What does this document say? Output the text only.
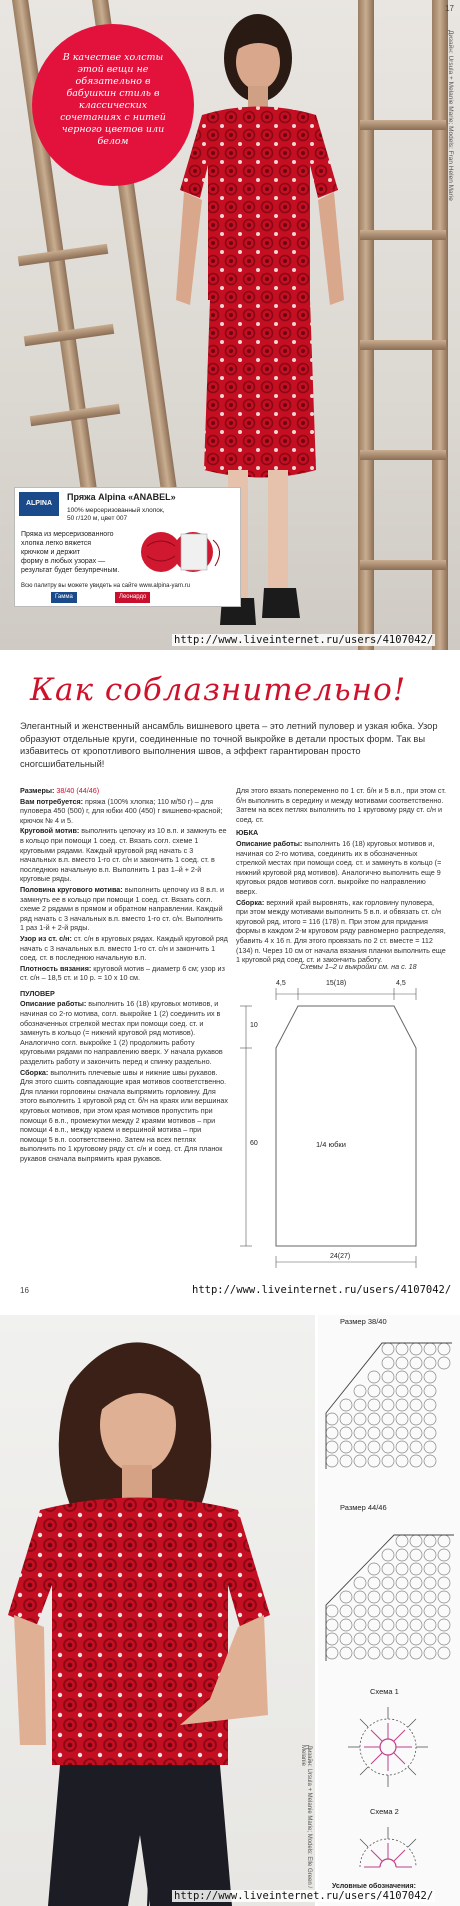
В качестве холсты этой вещи не обязательно в бабушкин стиль в классических сочетаниях с нитей черного цветов или белом	Дизайн: Ursula + Melanie Marie; Models: Fran Helen Marie
17
ALPINA
Пряжа Alpina «ANABEL»
100% мерсеризованный хлопок,
50 г/120 м, цвет 007
Пряжа из мерсеризованного
хлопка легко вяжется
крючком и держит
форму в любых узорах —
результат будет безупречным.
Всю палитру вы можете увидеть на сайте www.alpina-yarn.ru
Гамма	Леонардо
http://www.liveinternet.ru/users/4107042/
Как соблазнительно!
Элегантный и женственный ансамбль вишневого цвета – это летний пуловер и узкая юбка. Узор образуют отдельные круги, соединенные по точной выкройке в детали простых форм. Так вы избавитесь от кропотливого выполнения швов, а эффект гарантирован просто сногсшибательный!

Размеры: 38/40 (44/46)

Вам потребуется: пряжа (100% хлопка; 110 м/50 г) – для пуловера 450 (500) г, для юбки 400 (450) г вишнево-красной; крючок № 4 и 5.

Круговой мотив: выполнить цепочку из 10 в.п. и замкнуть ее в кольцо при помощи 1 соед. ст. Вязать согл. схеме 1 круговыми рядами. Каждый круговой ряд начать с 3 начальных в.п. вместо 1-го ст. с/н и закончить 1 соед. ст. в последнюю начальную в.п. Выполнить 1 раз 1–й + 2-й круговые ряды.

Половина кругового мотива: выполнить цепочку из 8 в.п. и замкнуть ее в кольцо при помощи 1 соед. ст. Вязать согл. схеме 2 рядами в прямом и обратном направлении. Каждый ряд начать с 3 начальных в.п. вместо 1-го ст. с/н. Выполнить 1 раз 1-й + 2-й ряды.

Узор из ст. с/н: ст. с/н в круговых рядах. Каждый круговой ряд начать с 3 начальных в.п. вместо 1-го ст. с/н и закончить 1 соед. ст. в последнюю начальную в.п.

Плотность вязания: круговой мотив – диаметр 6 см; узор из ст. с/н – 18,5 ст. и 10 р. = 10 х 10 см.

ПУЛОВЕР

Описание работы: выполнить 16 (18) круговых мотивов, и начиная со 2-го мотива, согл. выкройке 1 (2) соединить их в обозначенных стрелкой местах при помощи соед. ст. и замкнуть в кольцо (= нижний круговой ряд мотивов). Аналогично согл. выкройке 1 (2) продолжить работу круговыми рядами по направлению вверх. У начала рукавов разделить работу и закончить перед и спинку раздельно.

Сборка: выполнить плечевые швы и нижние швы рукавов. Для этого сшить совпадающие края мотивов соответственно. Для планки горловины сначала выпрямить горловину. Для этого выполнить 1 круговой ряд ст. б/н на краях или вершинах круговых мотивов, при этом края мотивов пропустить при помощи 6 в.п., промежутки между 2 краями мотивов – при помощи 4 в.п., между краем и вершиной мотива – при помощи 5 в.п. соответственно. Затем на всех петлях выполнить по 1 круговому ряду ст. с/н и соед. ст. Для планок рукавов сначала выпрямить края рукавов.

Для этого вязать попеременно по 1 ст. б/н и 5 в.п., при этом ст. б/н выполнить в середину и между мотивами соответственно. Затем на всех петлях выполнить по 1 круговому ряду ст. с/н и соед. ст.

ЮБКА

Описание работы: выполнить 16 (18) круговых мотивов и, начиная со 2-го мотива, соединить их в обозначенных стрелкой местах при помощи соед. ст. и замкнуть в кольцо (= нижний круговой ряд мотивов). Аналогично выполнить еще 9 круговых рядов мотивов согл. выкройке по направлению вверх.

Сборка: верхний край выровнять, как горловину пуловера, при этом между мотивами выполнить 5 в.п. и обвязать ст. с/н круговой ряд, итого = 116 (178) п. При этом для придания формы в каждом 2-м круговом ряду равномерно распределяя, убавить 4 х 16 п. Для этого провязать по 2 ст. вместе = 112 (134) п. Через 10 см от начала вязания планки выполнить еще 1 круговой ряд соед. ст. и закончить работу.

Схемы 1–2 и выкройки см. на с. 18
4,5	15(18)	4,5
10
60	1/4 юбки
24(27)
16	http://www.liveinternet.ru/users/4107042/
Дизайн: Ursula + Melanie Marie; Models: Elle Green / Melanie
Размер 38/40
Размер 44/46
Схема 1
Схема 2
Условные обозначения:
http://www.liveinternet.ru/users/4107042/
